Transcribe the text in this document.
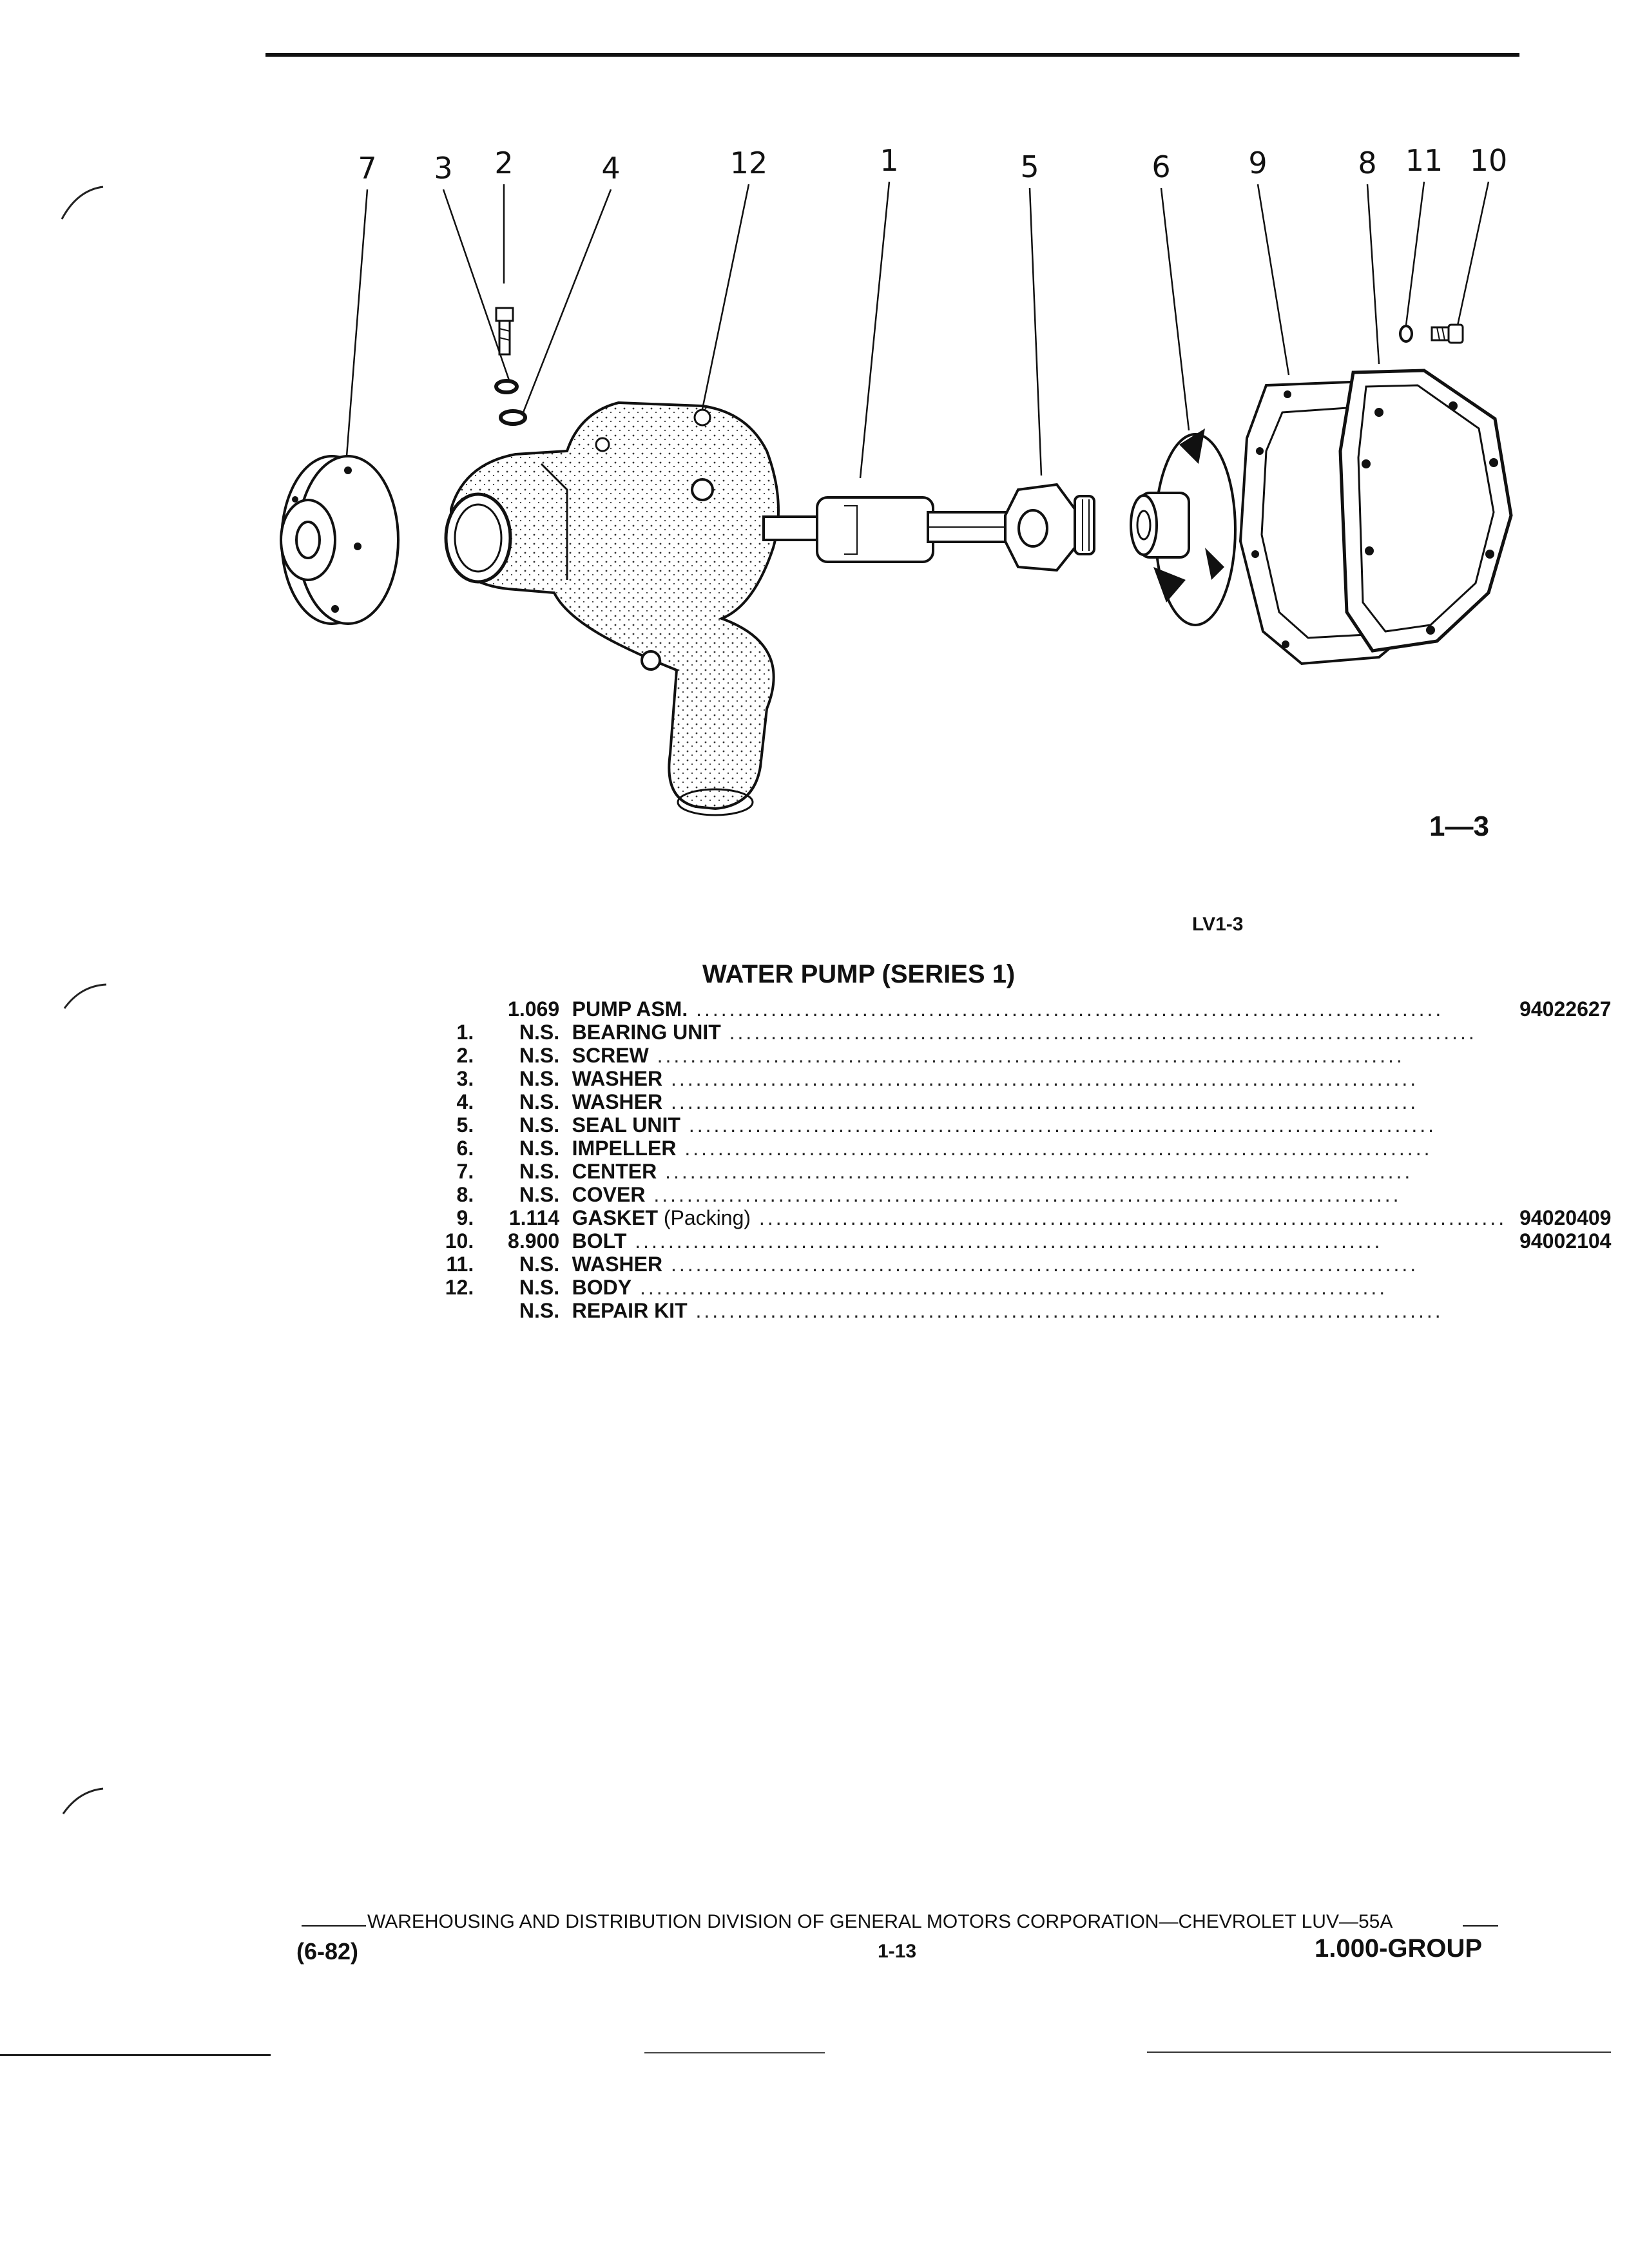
7 3 2	4	12	1	5	6	9	8 11 10
1—3
LV1-3
WATER PUMP (SERIES 1)
	1.069		PUMP ASM. ..........................................................................................	94022627
1.	N.S.		BEARING UNIT ..........................................................................................	
2.	N.S.		SCREW ..........................................................................................	
3.	N.S.		WASHER ..........................................................................................	
4.	N.S.		WASHER ..........................................................................................	
5.	N.S.		SEAL UNIT ..........................................................................................	
6.	N.S.		IMPELLER ..........................................................................................	
7.	N.S.		CENTER ..........................................................................................	
8.	N.S.		COVER ..........................................................................................	
9.	1.114		GASKET (Packing) ..........................................................................................	94020409
10.	8.900		BOLT ..........................................................................................	94002104
11.	N.S.		WASHER ..........................................................................................	
12.	N.S.		BODY ..........................................................................................	
	N.S.		REPAIR KIT ..........................................................................................	
WAREHOUSING AND DISTRIBUTION DIVISION OF GENERAL MOTORS CORPORATION—CHEVROLET LUV—55A
(6-82)	1-13	1.000-GROUP
